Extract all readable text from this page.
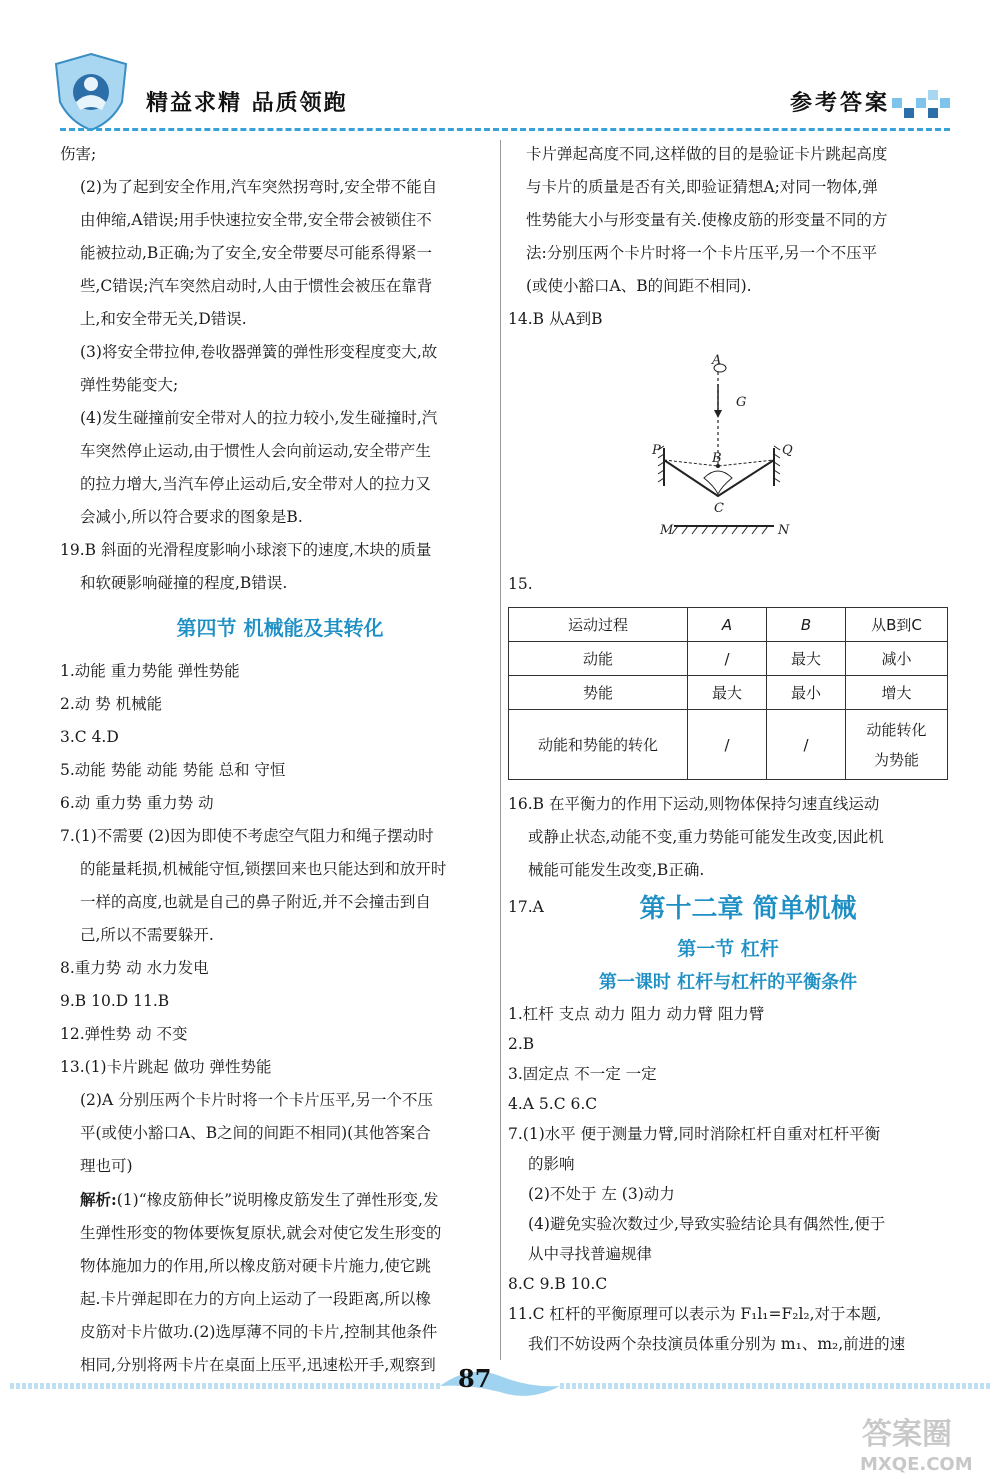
精益求精 品质领跑	参考答案
伤害;
(2)为了起到安全作用,汽车突然拐弯时,安全带不能自
由伸缩,A错误;用手快速拉安全带,安全带会被锁住不
能被拉动,B正确;为了安全,安全带要尽可能系得紧一
些,C错误;汽车突然启动时,人由于惯性会被压在靠背
上,和安全带无关,D错误.
(3)将安全带拉伸,卷收器弹簧的弹性形变程度变大,故
弹性势能变大;
(4)发生碰撞前安全带对人的拉力较小,发生碰撞时,汽
车突然停止运动,由于惯性人会向前运动,安全带产生
的拉力增大,当汽车停止运动后,安全带对人的拉力又
会减小,所以符合要求的图象是B.
19.B 斜面的光滑程度影响小球滚下的速度,木块的质量
和软硬影响碰撞的程度,B错误.
第四节 机械能及其转化
1.动能 重力势能 弹性势能
2.动 势 机械能
3.C 4.D
5.动能 势能 动能 势能 总和 守恒
6.动 重力势 重力势 动
7.(1)不需要 (2)因为即使不考虑空气阻力和绳子摆动时
的能量耗损,机械能守恒,锁摆回来也只能达到和放开时
一样的高度,也就是自己的鼻子附近,并不会撞击到自
己,所以不需要躲开.
8.重力势 动 水力发电
9.B 10.D 11.B
12.弹性势 动 不变
13.(1)卡片跳起 做功 弹性势能
(2)A 分别压两个卡片时将一个卡片压平,另一个不压
平(或使小豁口A、B之间的间距不相同)(其他答案合
理也可)
解析:(1)“橡皮筋伸长”说明橡皮筋发生了弹性形变,发
生弹性形变的物体要恢复原状,就会对使它发生形变的
物体施加力的作用,所以橡皮筋对硬卡片施力,使它跳
起.卡片弹起即在力的方向上运动了一段距离,所以橡
皮筋对卡片做功.(2)选厚薄不同的卡片,控制其他条件
相同,分别将两卡片在桌面上压平,迅速松开手,观察到
卡片弹起高度不同,这样做的目的是验证卡片跳起高度
与卡片的质量是否有关,即验证猜想A;对同一物体,弹
性势能大小与形变量有关.使橡皮筋的形变量不同的方
法:分别压两个卡片时将一个卡片压平,另一个不压平
(或使小豁口A、B的间距不相同).
14.B 从A到B
A
G
B
C
P	Q
M	N
15.
运动过程	A	B	从B到C
动能	/	最大	减小
势能	最大	最小	增大
动能和势能的转化	/	/	动能转化
为势能
16.B 在平衡力的作用下运动,则物体保持匀速直线运动
或静止状态,动能不变,重力势能可能发生改变,因此机
械能可能发生改变,B正确.
17.A	第十二章 简单机械
第一节 杠杆
第一课时 杠杆与杠杆的平衡条件
1.杠杆 支点 动力 阻力 动力臂 阻力臂
2.B
3.固定点 不一定 一定
4.A 5.C 6.C
7.(1)水平 便于测量力臂,同时消除杠杆自重对杠杆平衡
的影响
(2)不处于 左 (3)动力
(4)避免实验次数过少,导致实验结论具有偶然性,便于
从中寻找普遍规律
8.C 9.B 10.C
11.C 杠杆的平衡原理可以表示为 F₁l₁=F₂l₂,对于本题,
我们不妨设两个杂技演员体重分别为 m₁、m₂,前进的速
87
答案圈
MXQE.COM
